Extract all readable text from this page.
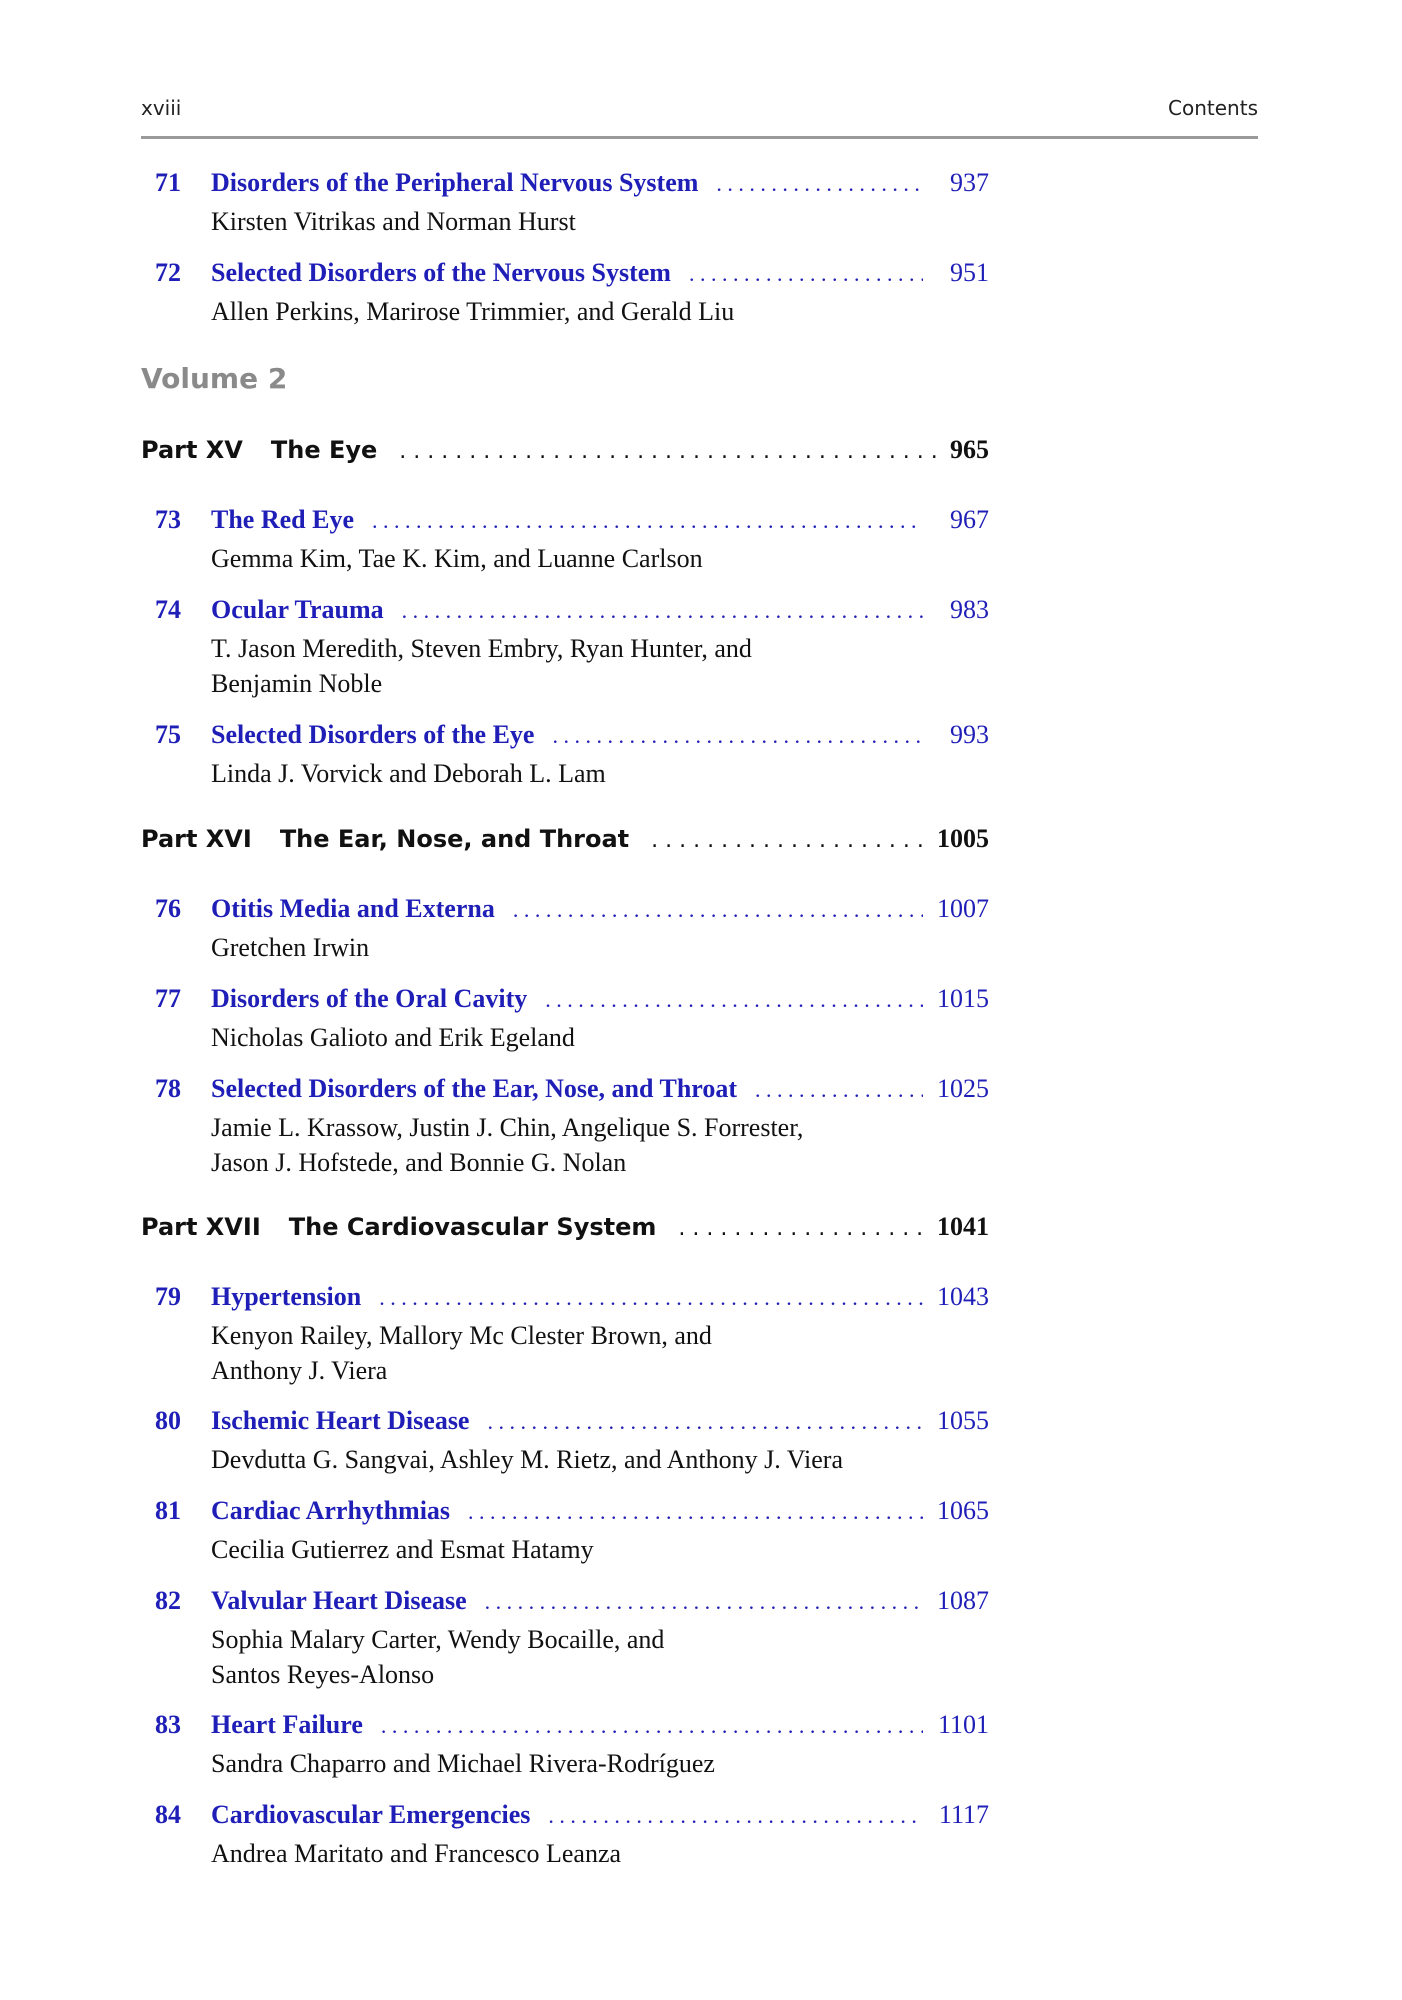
xviii	Contents
71 Disorders of the Peripheral Nervous System . . .	937
Kirsten Vitrikas and Norman Hurst
72 Selected Disorders of the Nervous System . . .	951
Allen Perkins, Marirose Trimmier, and Gerald Liu
Volume 2
Part XV The Eye . . .	965
73 The Red Eye . . .	967
Gemma Kim, Tae K. Kim, and Luanne Carlson
74 Ocular Trauma . . .	983
T. Jason Meredith, Steven Embry, Ryan Hunter, and
Benjamin Noble
75 Selected Disorders of the Eye . . .	993
Linda J. Vorvick and Deborah L. Lam
Part XVI The Ear, Nose, and Throat . . .	1005
76 Otitis Media and Externa . . .	1007
Gretchen Irwin
77 Disorders of the Oral Cavity . . .	1015
Nicholas Galioto and Erik Egeland
78 Selected Disorders of the Ear, Nose, and Throat . . .	1025
Jamie L. Krassow, Justin J. Chin, Angelique S. Forrester,
Jason J. Hofstede, and Bonnie G. Nolan
Part XVII The Cardiovascular System . . .	1041
79 Hypertension . . .	1043
Kenyon Railey, Mallory Mc Clester Brown, and
Anthony J. Viera
80 Ischemic Heart Disease . . .	1055
Devdutta G. Sangvai, Ashley M. Rietz, and Anthony J. Viera
81 Cardiac Arrhythmias . . .	1065
Cecilia Gutierrez and Esmat Hatamy
82 Valvular Heart Disease . . .	1087
Sophia Malary Carter, Wendy Bocaille, and
Santos Reyes-Alonso
83 Heart Failure . . .	1101
Sandra Chaparro and Michael Rivera-Rodríguez
84 Cardiovascular Emergencies . . .	1117
Andrea Maritato and Francesco Leanza
